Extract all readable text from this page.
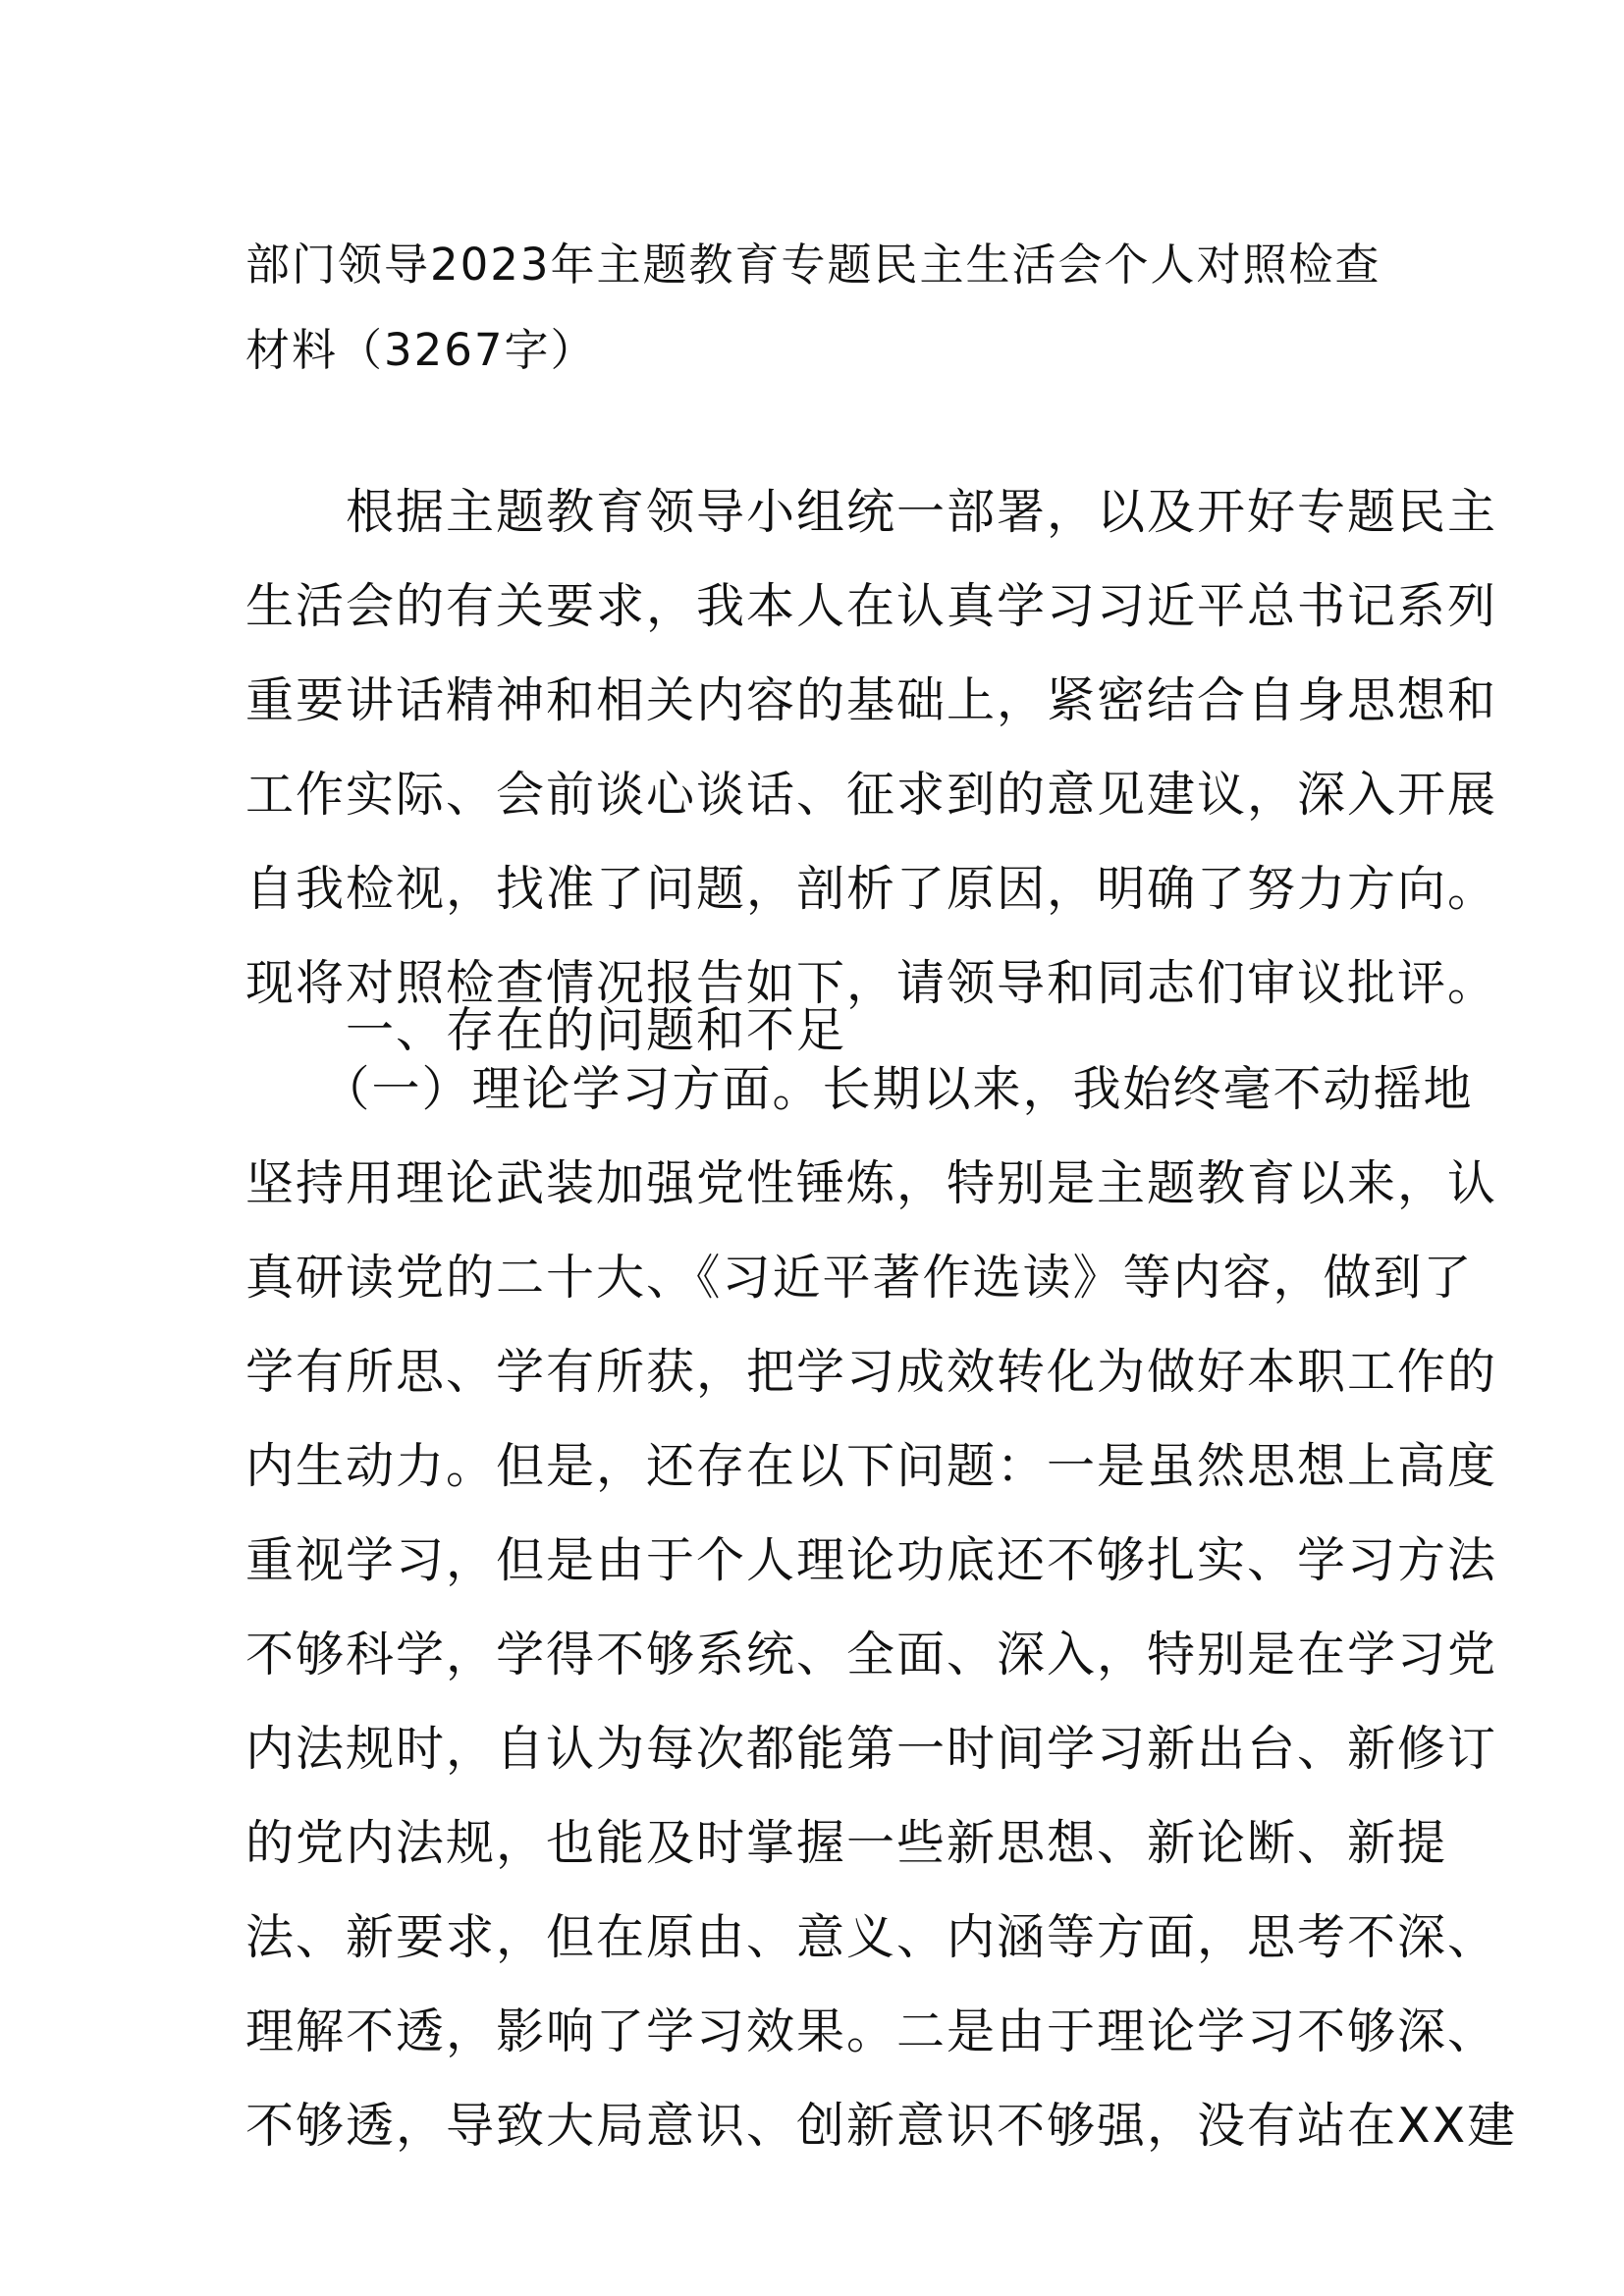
部门领导2023年主题教育专题民主生活会个人对照检查材料（3267字）

　　根据主题教育领导小组统一部署，以及开好专题民主

生活会的有关要求，我本人在认真学习习近平总书记系列

重要讲话精神和相关内容的基础上，紧密结合自身思想和

工作实际、会前谈心谈话、征求到的意见建议，深入开展

自我检视，找准了问题，剖析了原因，明确了努力方向。

现将对照检查情况报告如下，请领导和同志们审议批评。

　　一、存在的问题和不足

　　（一）理论学习方面。长期以来，我始终毫不动摇地

坚持用理论武装加强党性锤炼，特别是主题教育以来，认

真研读党的二十大、《习近平著作选读》等内容，做到了

学有所思、学有所获，把学习成效转化为做好本职工作的

内生动力。但是，还存在以下问题：一是虽然思想上高度

重视学习，但是由于个人理论功底还不够扎实、学习方法

不够科学，学得不够系统、全面、深入，特别是在学习党

内法规时，自认为每次都能第一时间学习新出台、新修订

的党内法规，也能及时掌握一些新思想、新论断、新提

法、新要求，但在原由、意义、内涵等方面，思考不深、

理解不透，影响了学习效果。二是由于理论学习不够深、

不够透，导致大局意识、创新意识不够强，没有站在XX建
